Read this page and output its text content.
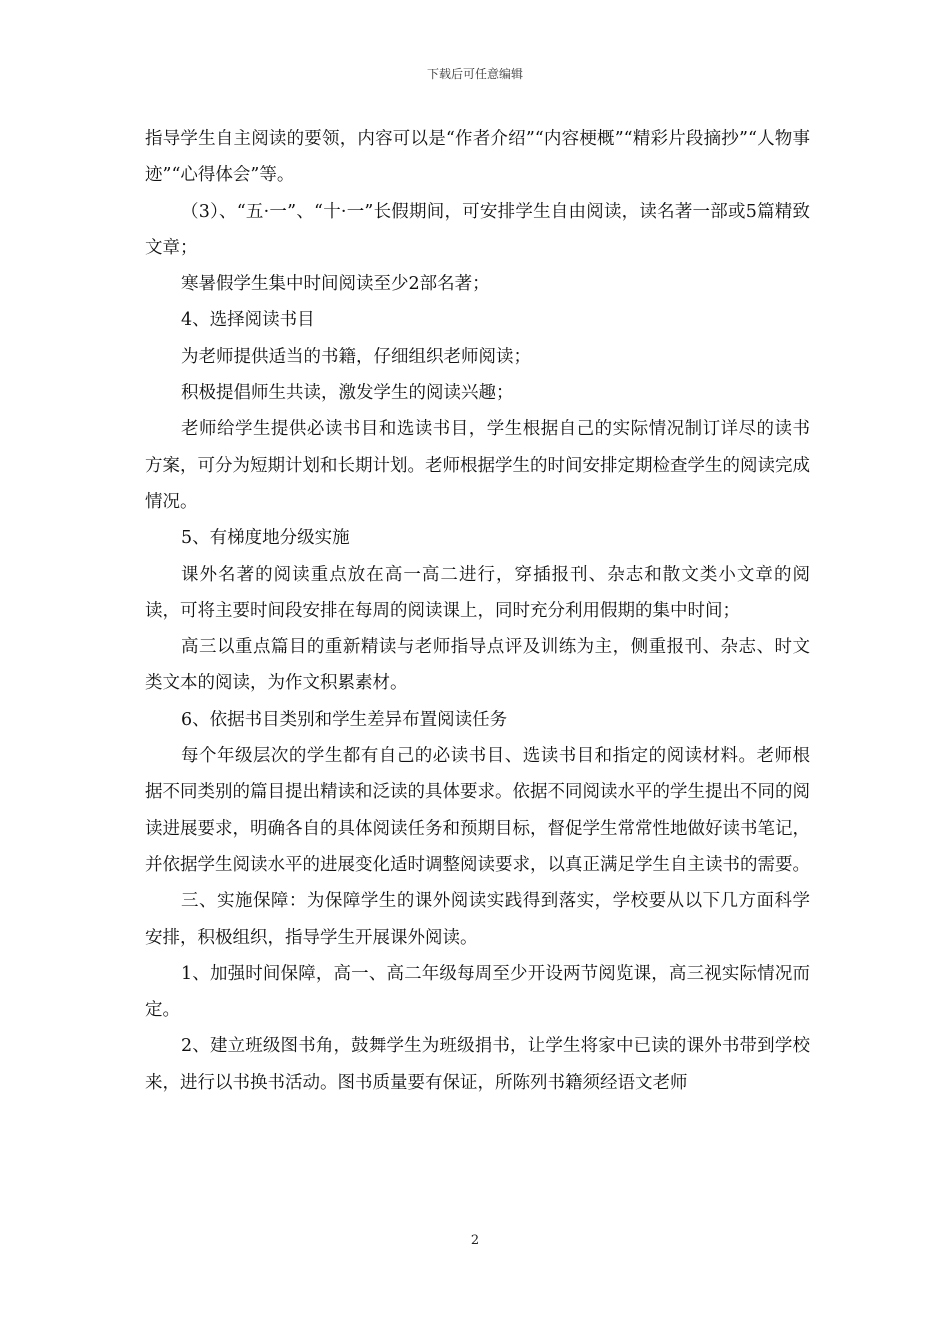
下载后可任意编辑

指导学生自主阅读的要领，内容可以是“作者介绍”“内容梗概”“精彩片段摘抄”“人物事迹”“心得体会”等。

（3）、“五·一”、“十·一”长假期间，可安排学生自由阅读，读名著一部或5篇精致文章；

寒暑假学生集中时间阅读至少2部名著；

4、选择阅读书目

为老师提供适当的书籍，仔细组织老师阅读；

积极提倡师生共读，激发学生的阅读兴趣；

老师给学生提供必读书目和选读书目，学生根据自己的实际情况制订详尽的读书方案，可分为短期计划和长期计划。老师根据学生的时间安排定期检查学生的阅读完成情况。

5、有梯度地分级实施

课外名著的阅读重点放在高一高二进行，穿插报刊、杂志和散文类小文章的阅读，可将主要时间段安排在每周的阅读课上，同时充分利用假期的集中时间；

高三以重点篇目的重新精读与老师指导点评及训练为主，侧重报刊、杂志、时文类文本的阅读，为作文积累素材。

6、依据书目类别和学生差异布置阅读任务

每个年级层次的学生都有自己的必读书目、选读书目和指定的阅读材料。老师根据不同类别的篇目提出精读和泛读的具体要求。依据不同阅读水平的学生提出不同的阅读进展要求，明确各自的具体阅读任务和预期目标，督促学生常常性地做好读书笔记，并依据学生阅读水平的进展变化适时调整阅读要求，以真正满足学生自主读书的需要。

三、实施保障：为保障学生的课外阅读实践得到落实，学校要从以下几方面科学安排，积极组织，指导学生开展课外阅读。

1、加强时间保障，高一、高二年级每周至少开设两节阅览课，高三视实际情况而定。

2、建立班级图书角，鼓舞学生为班级捐书，让学生将家中已读的课外书带到学校来，进行以书换书活动。图书质量要有保证，所陈列书籍须经语文老师

2
